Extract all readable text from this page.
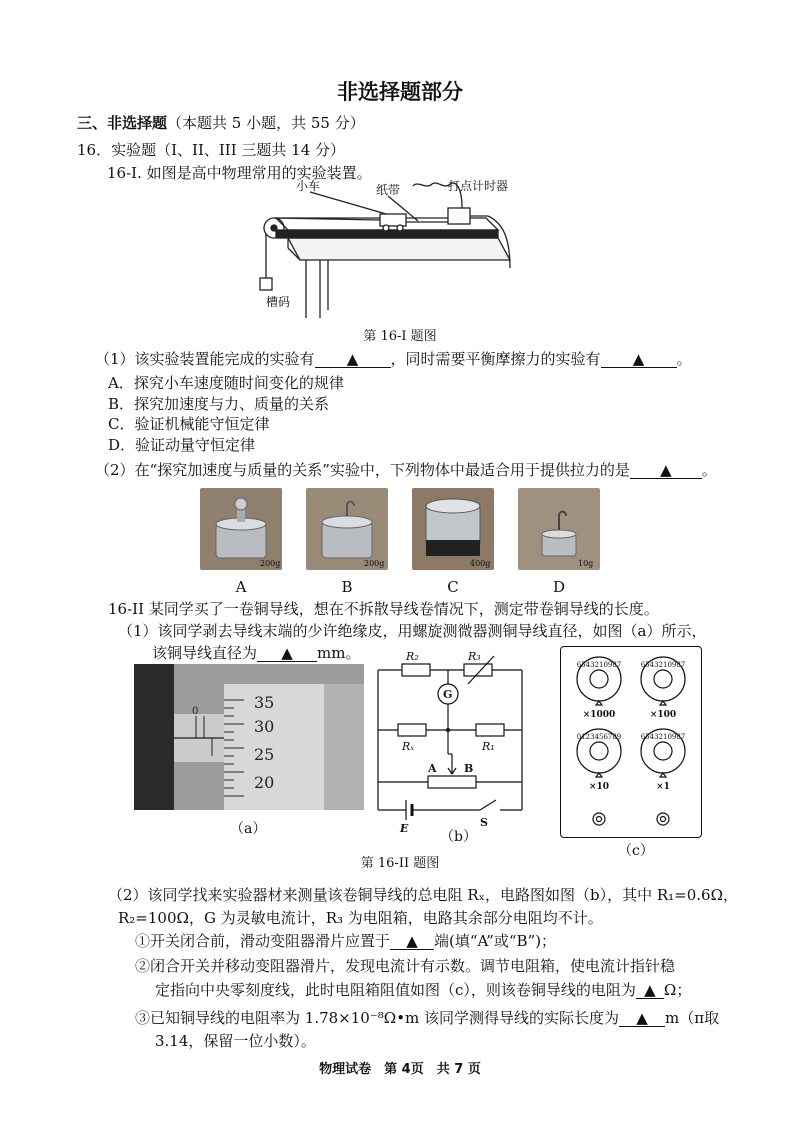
非选择题部分
三、非选择题（本题共 5 小题，共 55 分）
16．实验题（I、II、III 三题共 14 分）
16-I. 如图是高中物理常用的实验装置。
小车	纸带	打点计时器
槽码
第 16-I 题图
（1）该实验装置能完成的实验有 ▲ ，同时需要平衡摩擦力的实验有 ▲ 。
A．探究小车速度随时间变化的规律
B．探究加速度与力、质量的关系
C．验证机械能守恒定律
D．验证动量守恒定律
（2）在“探究加速度与质量的关系”实验中，下列物体中最适合用于提供拉力的是 ▲ 。
200g	200g	400g	10g
A	B	C	D
16-II 某同学买了一卷铜导线，想在不拆散导线卷情况下，测定带卷铜导线的长度。
（1）该同学剥去导线末端的少许绝缘皮，用螺旋测微器测铜导线直径，如图（a）所示，
该铜导线直径为 ▲ mm。
0	35
30
25
20
（a）
R₂	R₃
G
Rₓ	R₁
A B
E	S
（b）
6543210987	6543210987
0123456789	6543210987
×1000	×100
×10	×1
（c）
第 16-II 题图
（2）该同学找来实验器材来测量该卷铜导线的总电阻 Rₓ，电路图如图（b），其中 R₁=0.6Ω，
R₂=100Ω，G 为灵敏电流计，R₃ 为电阻箱，电路其余部分电阻均不计。
①开关闭合前，滑动变阻器滑片应置于 ▲ 端(填“A”或“B”)；
②闭合开关并移动变阻器滑片，发现电流计有示数。调节电阻箱，使电流计指针稳
定指向中央零刻度线，此时电阻箱阻值如图（c），则该卷铜导线的电阻为 ▲ Ω；
③已知铜导线的电阻率为 1.78×10⁻⁸Ω•m 该同学测得导线的实际长度为 ▲ m（π取
3.14，保留一位小数）。
物理试卷　第 4页　共 7 页
